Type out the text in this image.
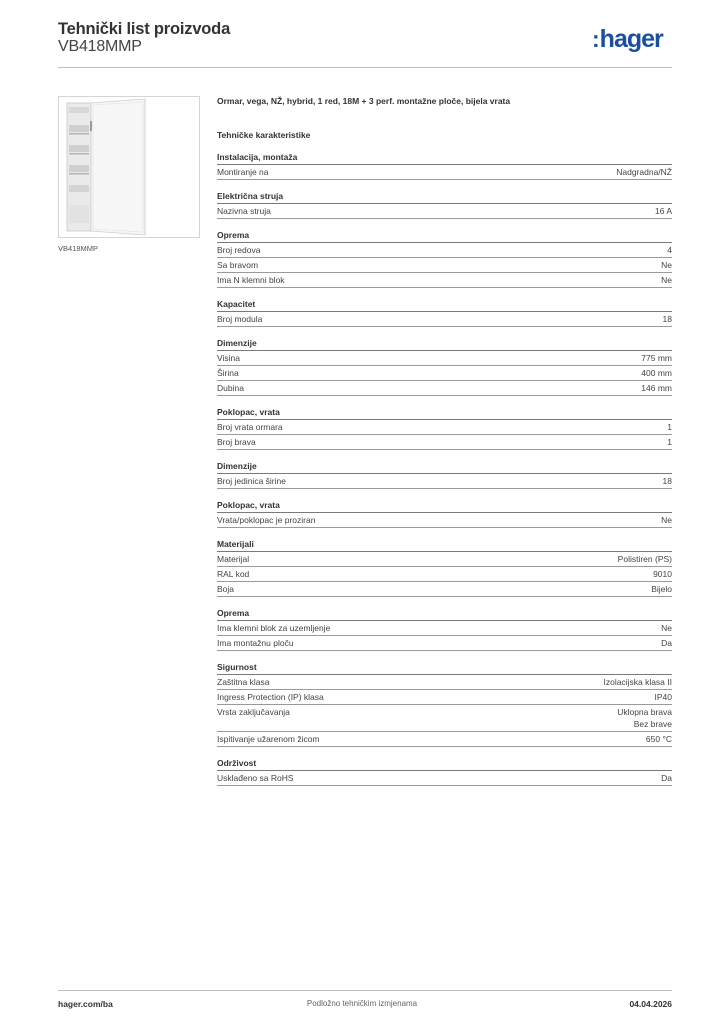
Tehnički list proizvoda
VB418MMP	:hager
VB418MMP
Ormar, vega, NŽ, hybrid, 1 red, 18M + 3 perf. montažne ploče, bijela vrata
Tehničke karakteristike
Instalacija, montaža
Montiranje na	Nadgradna/NŽ
Električna struja
Nazivna struja	16 A
Oprema
Broj redova	4
Sa bravom	Ne
Ima N klemni blok	Ne
Kapacitet
Broj modula	18
Dimenzije
Visina	775 mm
Širina	400 mm
Dubina	146 mm
Poklopac, vrata
Broj vrata ormara	1
Broj brava	1
Dimenzije
Broj jedinica širine	18
Poklopac, vrata
Vrata/poklopac je proziran	Ne
Materijali
Materijal	Polistiren (PS)
RAL kod	9010
Boja	Bijelo
Oprema
Ima klemni blok za uzemljenje	Ne
Ima montažnu ploču	Da
Sigurnost
Zaštitna klasa	Izolacijska klasa II
Ingress Protection (IP) klasa	IP40
Vrsta zaključavanja	Uklopna brava
Bez brave
Ispitivanje užarenom žicom	650 °C
Održivost
Usklađeno sa RoHS	Da
hager.com/ba	Podložno tehničkim izmjenama	04.04.2026
